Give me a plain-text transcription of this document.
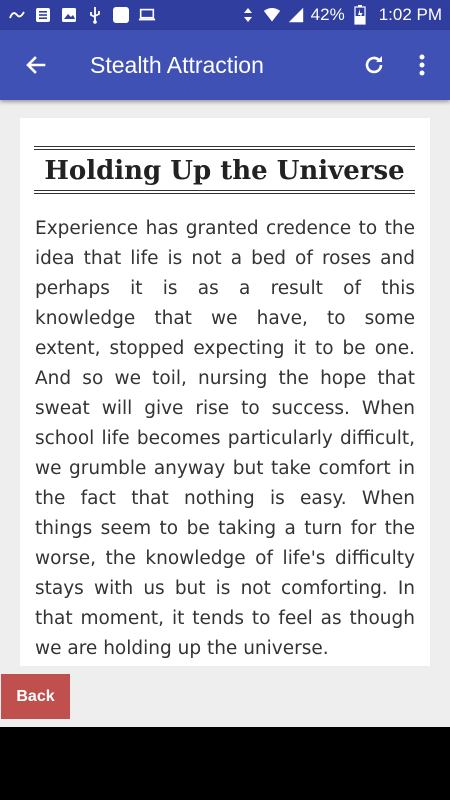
42% 1:02 PM
Stealth Attraction
Holding Up the Universe

Experience has granted credence to the idea that life is not a bed of roses and perhaps it is as a result of this knowledge that we have, to some extent, stopped expecting it to be one. And so we toil, nursing the hope that sweat will give rise to success. When school life becomes particularly difficult, we grumble anyway but take comfort in the fact that nothing is easy. When things seem to be taking a turn for the worse, the knowledge of life's difficulty stays with us but is not comforting. In that moment, it tends to feel as though we are holding up the universe.

Back
